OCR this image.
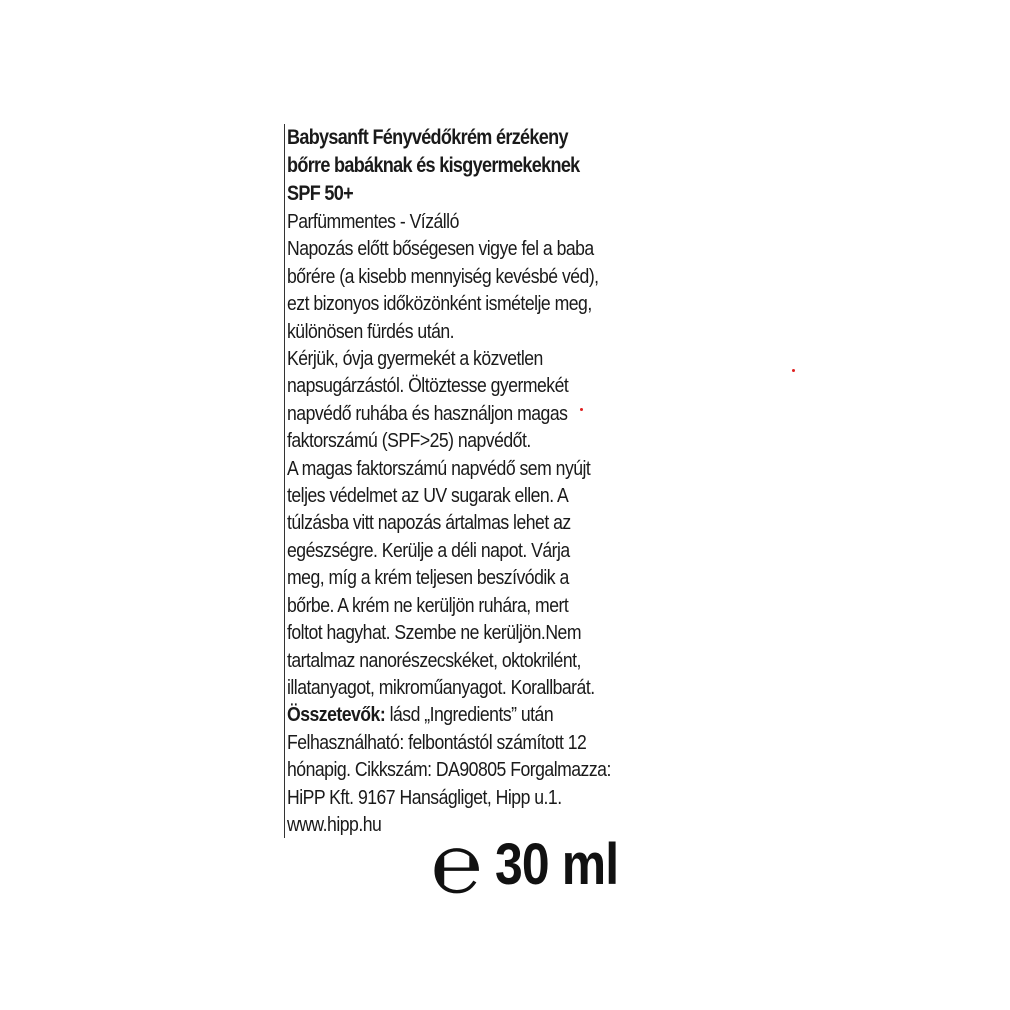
Babysanft Fényvédőkrém érzékeny
bőrre babáknak és kisgyermekeknek
SPF 50+
Parfümmentes - Vízálló
Napozás előtt bőségesen vigye fel a baba
bőrére (a kisebb mennyiség kevésbé véd),
ezt bizonyos időközönként ismételje meg,
különösen fürdés után.
Kérjük, óvja gyermekét a közvetlen
napsugárzástól. Öltöztesse gyermekét
napvédő ruhába és használjon magas
faktorszámú (SPF>25) napvédőt.
A magas faktorszámú napvédő sem nyújt
teljes védelmet az UV sugarak ellen. A
túlzásba vitt napozás ártalmas lehet az
egészségre. Kerülje a déli napot. Várja
meg, míg a krém teljesen beszívódik a
bőrbe. A krém ne kerüljön ruhára, mert
foltot hagyhat. Szembe ne kerüljön.Nem
tartalmaz nanorészecskéket, oktokrilént,
illatanyagot, mikroműanyagot. Korallbarát.
Összetevők: lásd „Ingredients” után
Felhasználható: felbontástól számított 12
hónapig. Cikkszám: DA90805 Forgalmazza:
HiPP Kft. 9167 Hanságliget, Hipp u.1.
www.hipp.hu ℮ 30 ml
